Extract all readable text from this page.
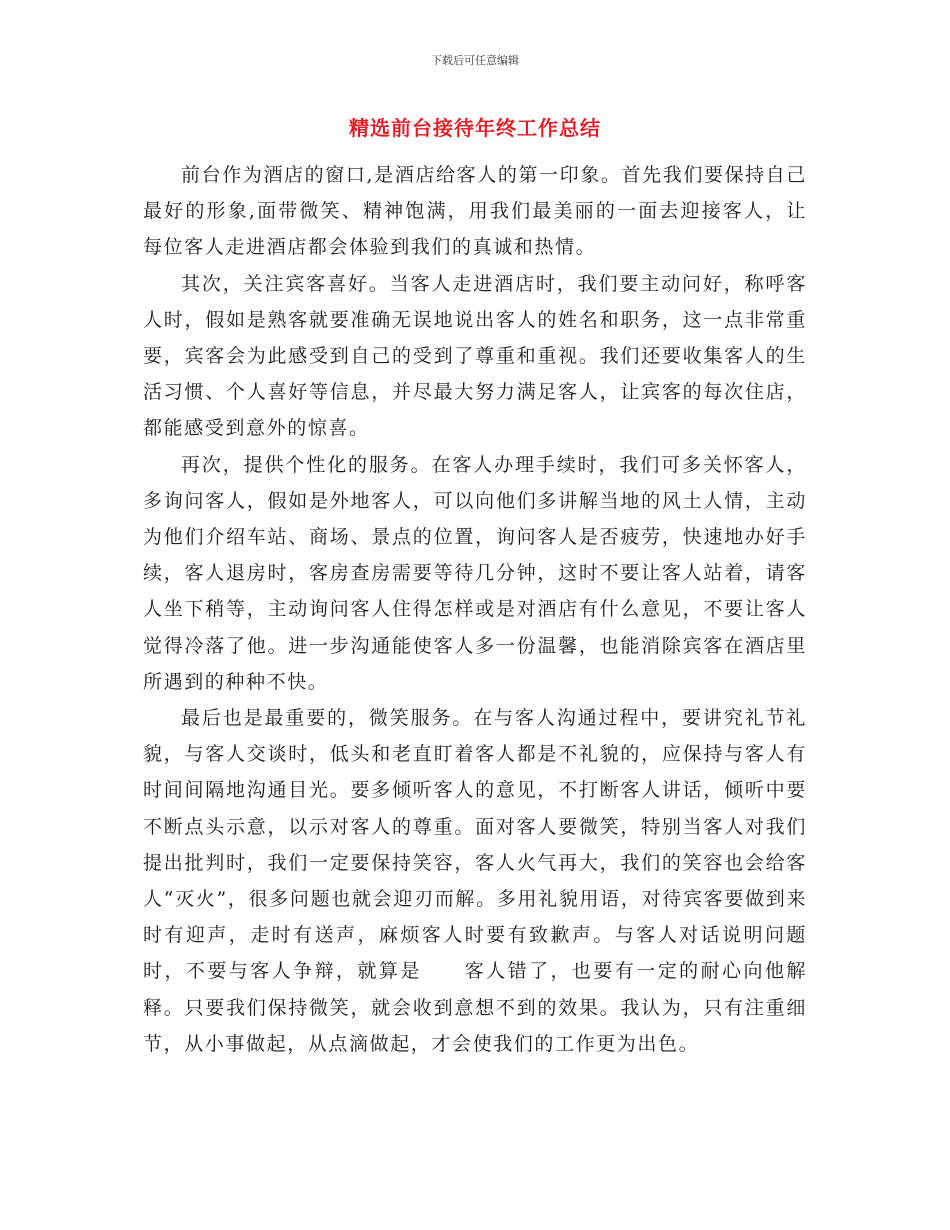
下载后可任意编辑
精选前台接待年终工作总结

前台作为酒店的窗口,是酒店给客人的第一印象。首先我们要保持自己最好的形象,面带微笑、精神饱满，用我们最美丽的一面去迎接客人，让每位客人走进酒店都会体验到我们的真诚和热情。

其次，关注宾客喜好。当客人走进酒店时，我们要主动问好，称呼客人时，假如是熟客就要准确无误地说出客人的姓名和职务，这一点非常重要，宾客会为此感受到自己的受到了尊重和重视。我们还要收集客人的生活习惯、个人喜好等信息，并尽最大努力满足客人，让宾客的每次住店，都能感受到意外的惊喜。

再次，提供个性化的服务。在客人办理手续时，我们可多关怀客人，多询问客人，假如是外地客人，可以向他们多讲解当地的风土人情，主动为他们介绍车站、商场、景点的位置，询问客人是否疲劳，快速地办好手续，客人退房时，客房查房需要等待几分钟，这时不要让客人站着，请客人坐下稍等，主动询问客人住得怎样或是对酒店有什么意见，不要让客人觉得冷落了他。进一步沟通能使客人多一份温馨，也能消除宾客在酒店里所遇到的种种不快。

最后也是最重要的，微笑服务。在与客人沟通过程中，要讲究礼节礼貌，与客人交谈时，低头和老直盯着客人都是不礼貌的，应保持与客人有时间间隔地沟通目光。要多倾听客人的意见，不打断客人讲话，倾听中要不断点头示意，以示对客人的尊重。面对客人要微笑，特别当客人对我们提出批判时，我们一定要保持笑容，客人火气再大，我们的笑容也会给客人“灭火”，很多问题也就会迎刃而解。多用礼貌用语，对待宾客要做到来时有迎声，走时有送声，麻烦客人时要有致歉声。与客人对话说明问题时，不要与客人争辩，就算是　　客人错了，也要有一定的耐心向他解释。只要我们保持微笑，就会收到意想不到的效果。我认为，只有注重细节，从小事做起，从点滴做起，才会使我们的工作更为出色。
